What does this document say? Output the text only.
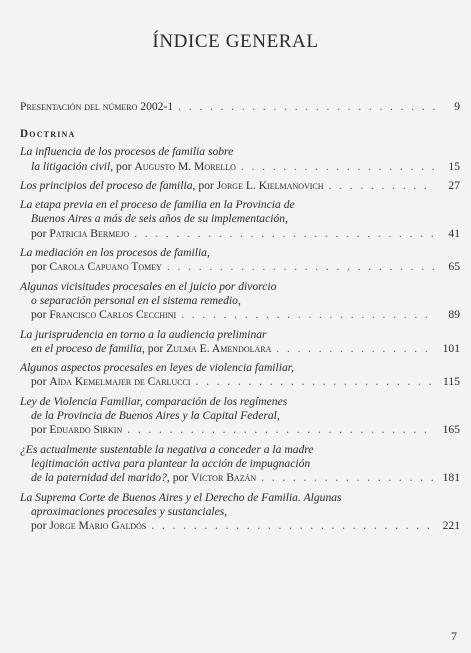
ÍNDICE GENERAL
Presentación del número 2002-1 . . .	9
Doctrina
La influencia de los procesos de familia sobre
la litigación civil, por Augusto M. Morello . . .	15
Los principios del proceso de familia, por Jorge L. Kielmanovich . . .	27
La etapa previa en el proceso de familia en la Provincia de
Buenos Aires a más de seis años de su implementación,
por Patricia Bermejo . . .	41
La mediación en los procesos de familia,
por Carola Capuano Tomey . . .	65
Algunas vicisitudes procesales en el juicio por divorcio
o separación personal en el sistema remedio,
por Francisco Carlos Cecchini . . .	89
La jurisprudencia en torno a la audiencia preliminar
en el proceso de familia, por Zulma E. Amendolara . . .	101
Algunos aspectos procesales en leyes de violencia familiar,
por Aída Kemelmajer de Carlucci . . .	115
Ley de Violencia Familiar, comparación de los regímenes
de la Provincia de Buenos Aires y la Capital Federal,
por Eduardo Sirkin . . .	165
¿Es actualmente sustentable la negativa a conceder a la madre
legitimación activa para plantear la acción de impugnación
de la paternidad del marido?, por Víctor Bazán . . .	181
La Suprema Corte de Buenos Aires y el Derecho de Familia. Algunas
aproximaciones procesales y sustanciales,
por Jorge Mario Galdós . . .	221
7
